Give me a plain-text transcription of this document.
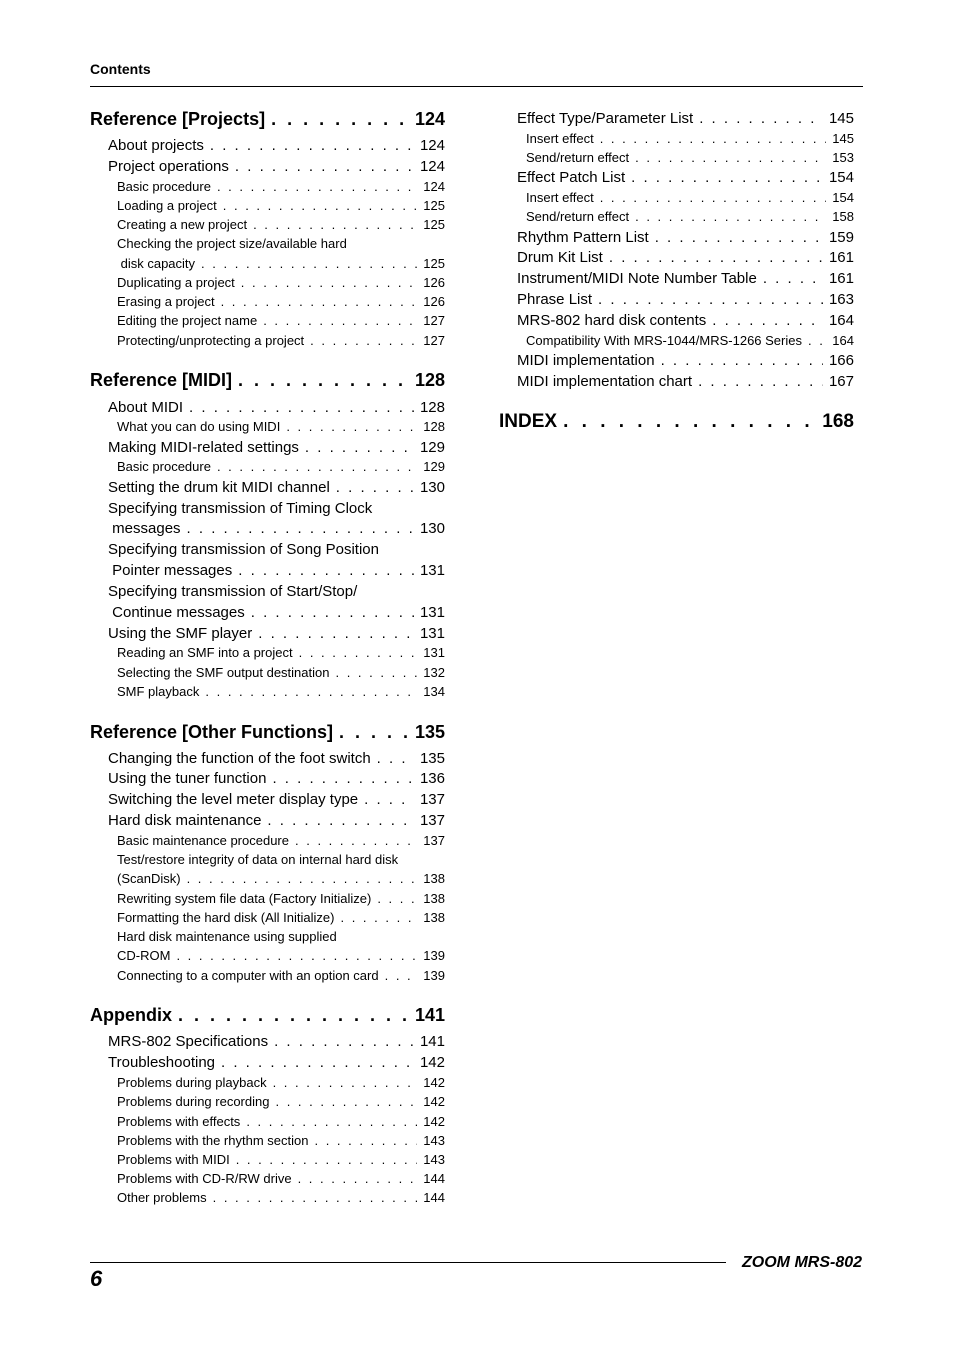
Contents
Reference [Projects] . . .	124
About projects . . .	124
Project operations . . .	124
Basic procedure . . .	124
Loading a project . . .	125
Creating a new project . . .	125
Checking the project size/available hard
disk capacity . . .	125
Duplicating a project . . .	126
Erasing a project . . .	126
Editing the project name . . .	127
Protecting/unprotecting a project . . .	127
Reference [MIDI] . . .	128
About MIDI . . .	128
What you can do using MIDI . . .	128
Making MIDI-related settings . . .	129
Basic procedure . . .	129
Setting the drum kit MIDI channel . . .	130
Specifying transmission of Timing Clock
messages . . .	130
Specifying transmission of Song Position
Pointer messages . . .	131
Specifying transmission of Start/Stop/
Continue messages . . .	131
Using the SMF player . . .	131
Reading an SMF into a project . . .	131
Selecting the SMF output destination . . .	132
SMF playback . . .	134
Reference [Other Functions] . . .	135
Changing the function of the foot switch . . .	135
Using the tuner function . . .	136
Switching the level meter display type . . .	137
Hard disk maintenance . . .	137
Basic maintenance procedure . . .	137
Test/restore integrity of data on internal hard disk
(ScanDisk) . . .	138
Rewriting system file data (Factory Initialize) . . .	138
Formatting the hard disk (All Initialize) . . .	138
Hard disk maintenance using supplied
CD-ROM . . .	139
Connecting to a computer with an option card . . .	139
Appendix . . .	141
MRS-802 Specifications . . .	141
Troubleshooting . . .	142
Problems during playback . . .	142
Problems during recording . . .	142
Problems with effects . . .	142
Problems with the rhythm section . . .	143
Problems with MIDI . . .	143
Problems with CD-R/RW drive . . .	144
Other problems . . .	144
Effect Type/Parameter List . . .	145
Insert effect . . .	145
Send/return effect . . .	153
Effect Patch List . . .	154
Insert effect . . .	154
Send/return effect . . .	158
Rhythm Pattern List . . .	159
Drum Kit List . . .	161
Instrument/MIDI Note Number Table . . .	161
Phrase List . . .	163
MRS-802 hard disk contents . . .	164
Compatibility With MRS-1044/MRS-1266 Series . . . 164
MIDI implementation . . .	166
MIDI implementation chart . . .	167
INDEX . . .	168
ZOOM MRS-802
6
